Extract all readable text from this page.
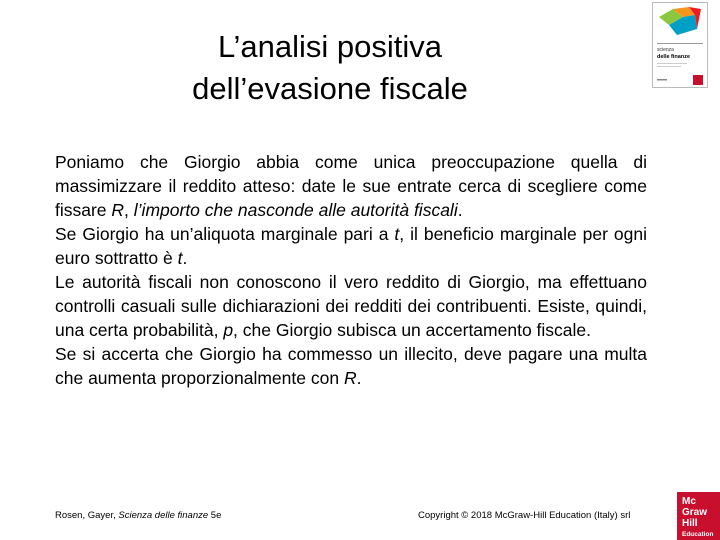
L’analisi positiva
dell’evasione fiscale

Poniamo che Giorgio abbia come unica preoccupazione quella di massimizzare il reddito atteso: date le sue entrate cerca di scegliere come fissare R, l’importo che nasconde alle autorità fiscali.

Se Giorgio ha un’aliquota marginale pari a t, il beneficio marginale per ogni euro sottratto è t.

Le autorità fiscali non conoscono il vero reddito di Giorgio, ma effettuano controlli casuali sulle dichiarazioni dei redditi dei contribuenti. Esiste, quindi, una certa probabilità, p, che Giorgio subisca un accertamento fiscale.

Se si accerta che Giorgio ha commesso un illecito, deve pagare una multa che aumenta proporzionalmente con R.

Rosen, Gayer, Scienza delle finanze 5e	Copyright © 2018 McGraw-Hill Education (Italy) srl
scienza
delle finanze
Mc
Graw
Hill
Education
